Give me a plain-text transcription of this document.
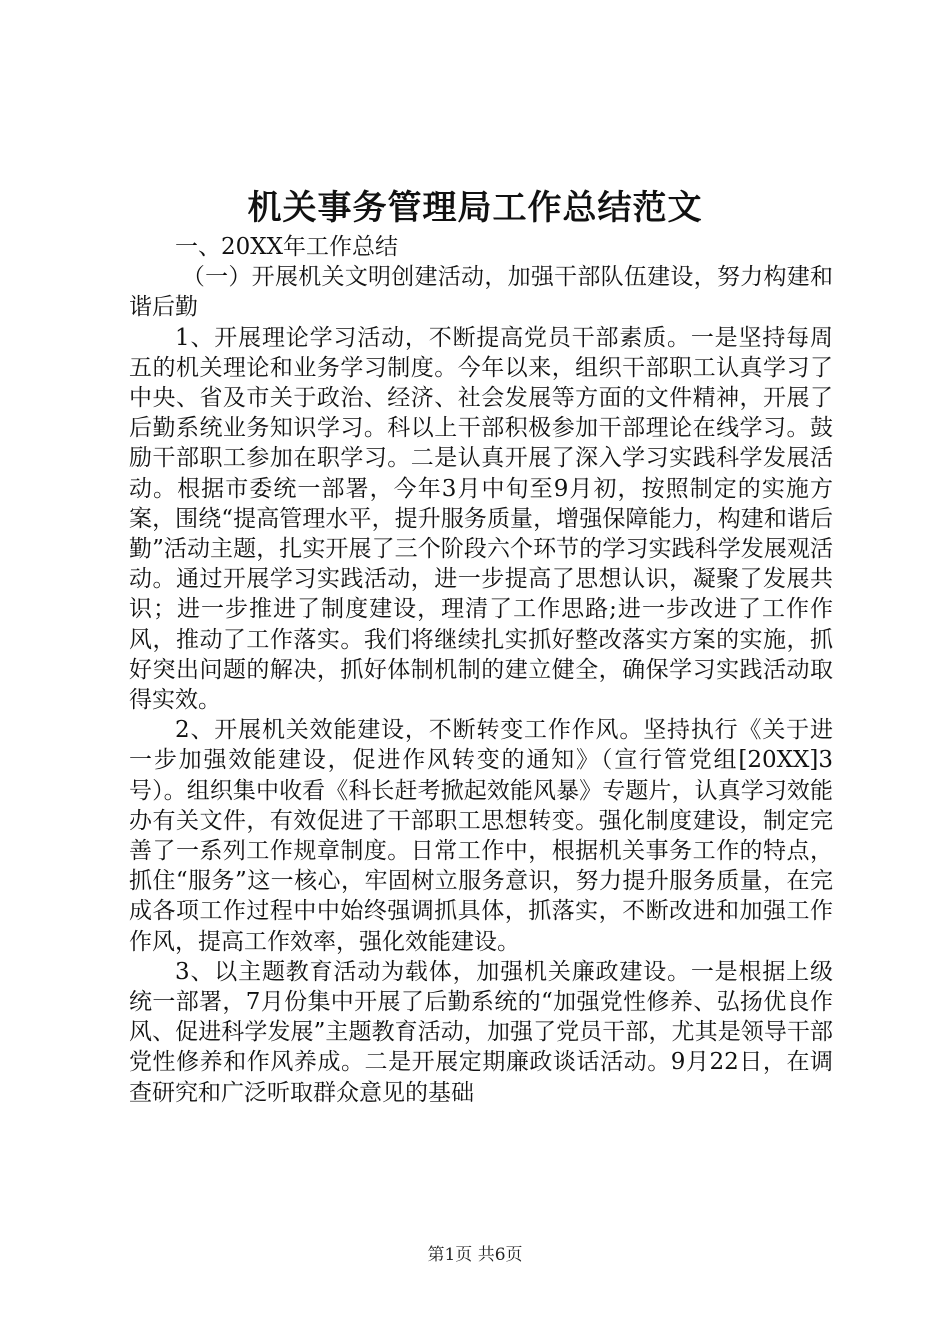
机关事务管理局工作总结范文

一、20XX年工作总结

（一）开展机关文明创建活动，加强干部队伍建设，努力构建和谐后勤

1、开展理论学习活动，不断提高党员干部素质。一是坚持每周五的机关理论和业务学习制度。今年以来，组织干部职工认真学习了中央、省及市关于政治、经济、社会发展等方面的文件精神，开展了后勤系统业务知识学习。科以上干部积极参加干部理论在线学习。鼓励干部职工参加在职学习。二是认真开展了深入学习实践科学发展活动。根据市委统一部署，今年3月中旬至9月初，按照制定的实施方案，围绕“提高管理水平，提升服务质量，增强保障能力，构建和谐后勤”活动主题，扎实开展了三个阶段六个环节的学习实践科学发展观活动。通过开展学习实践活动，进一步提高了思想认识，凝聚了发展共识；进一步推进了制度建设，理清了工作思路;进一步改进了工作作风，推动了工作落实。我们将继续扎实抓好整改落实方案的实施，抓好突出问题的解决，抓好体制机制的建立健全，确保学习实践活动取得实效。

2、开展机关效能建设，不断转变工作作风。坚持执行《关于进一步加强效能建设，促进作风转变的通知》（宣行管党组[20XX]3号）。组织集中收看《科长赶考掀起效能风暴》专题片，认真学习效能办有关文件，有效促进了干部职工思想转变。强化制度建设，制定完善了一系列工作规章制度。日常工作中，根据机关事务工作的特点，抓住“服务”这一核心，牢固树立服务意识，努力提升服务质量，在完成各项工作过程中中始终强调抓具体，抓落实，不断改进和加强工作作风，提高工作效率，强化效能建设。

3、以主题教育活动为载体，加强机关廉政建设。一是根据上级统一部署，7月份集中开展了后勤系统的“加强党性修养、弘扬优良作风、促进科学发展”主题教育活动，加强了党员干部，尤其是领导干部党性修养和作风养成。二是开展定期廉政谈话活动。9月22日，在调查研究和广泛听取群众意见的基础

第1页 共6页
